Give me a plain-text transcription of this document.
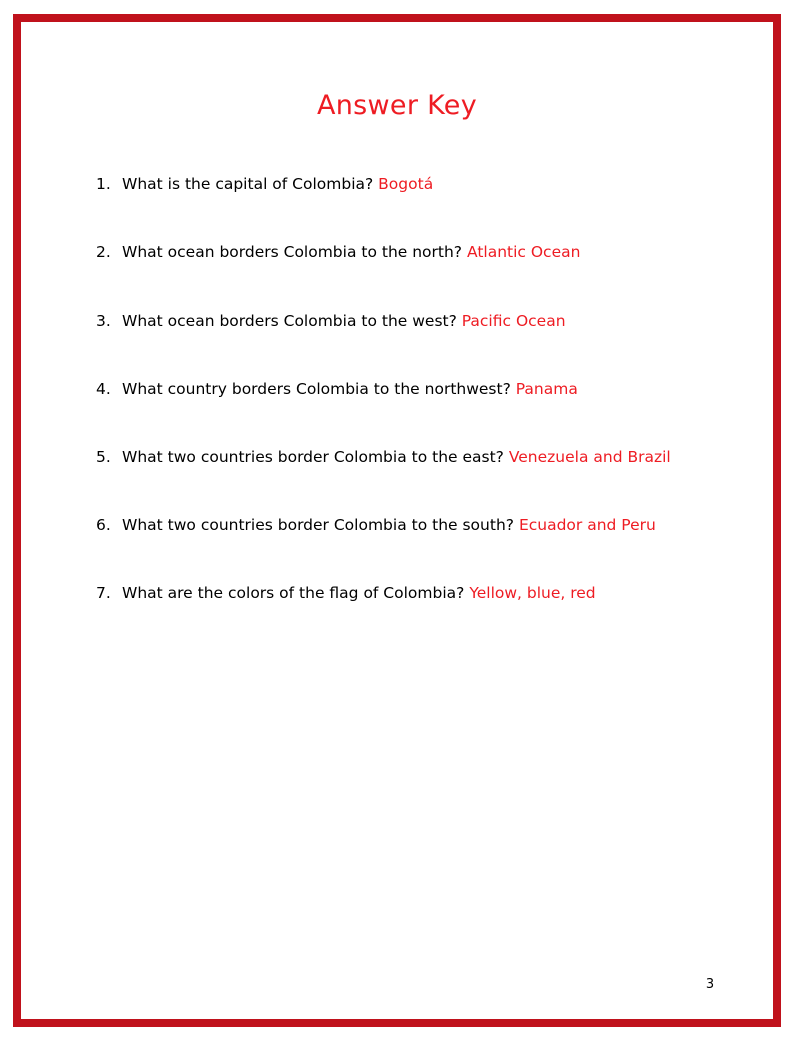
Answer Key
1. What is the capital of Colombia? Bogotá
2. What ocean borders Colombia to the north? Atlantic Ocean
3. What ocean borders Colombia to the west? Pacific Ocean
4. What country borders Colombia to the northwest? Panama
5. What two countries border Colombia to the east? Venezuela and Brazil
6. What two countries border Colombia to the south? Ecuador and Peru
7. What are the colors of the flag of Colombia? Yellow, blue, red
3
